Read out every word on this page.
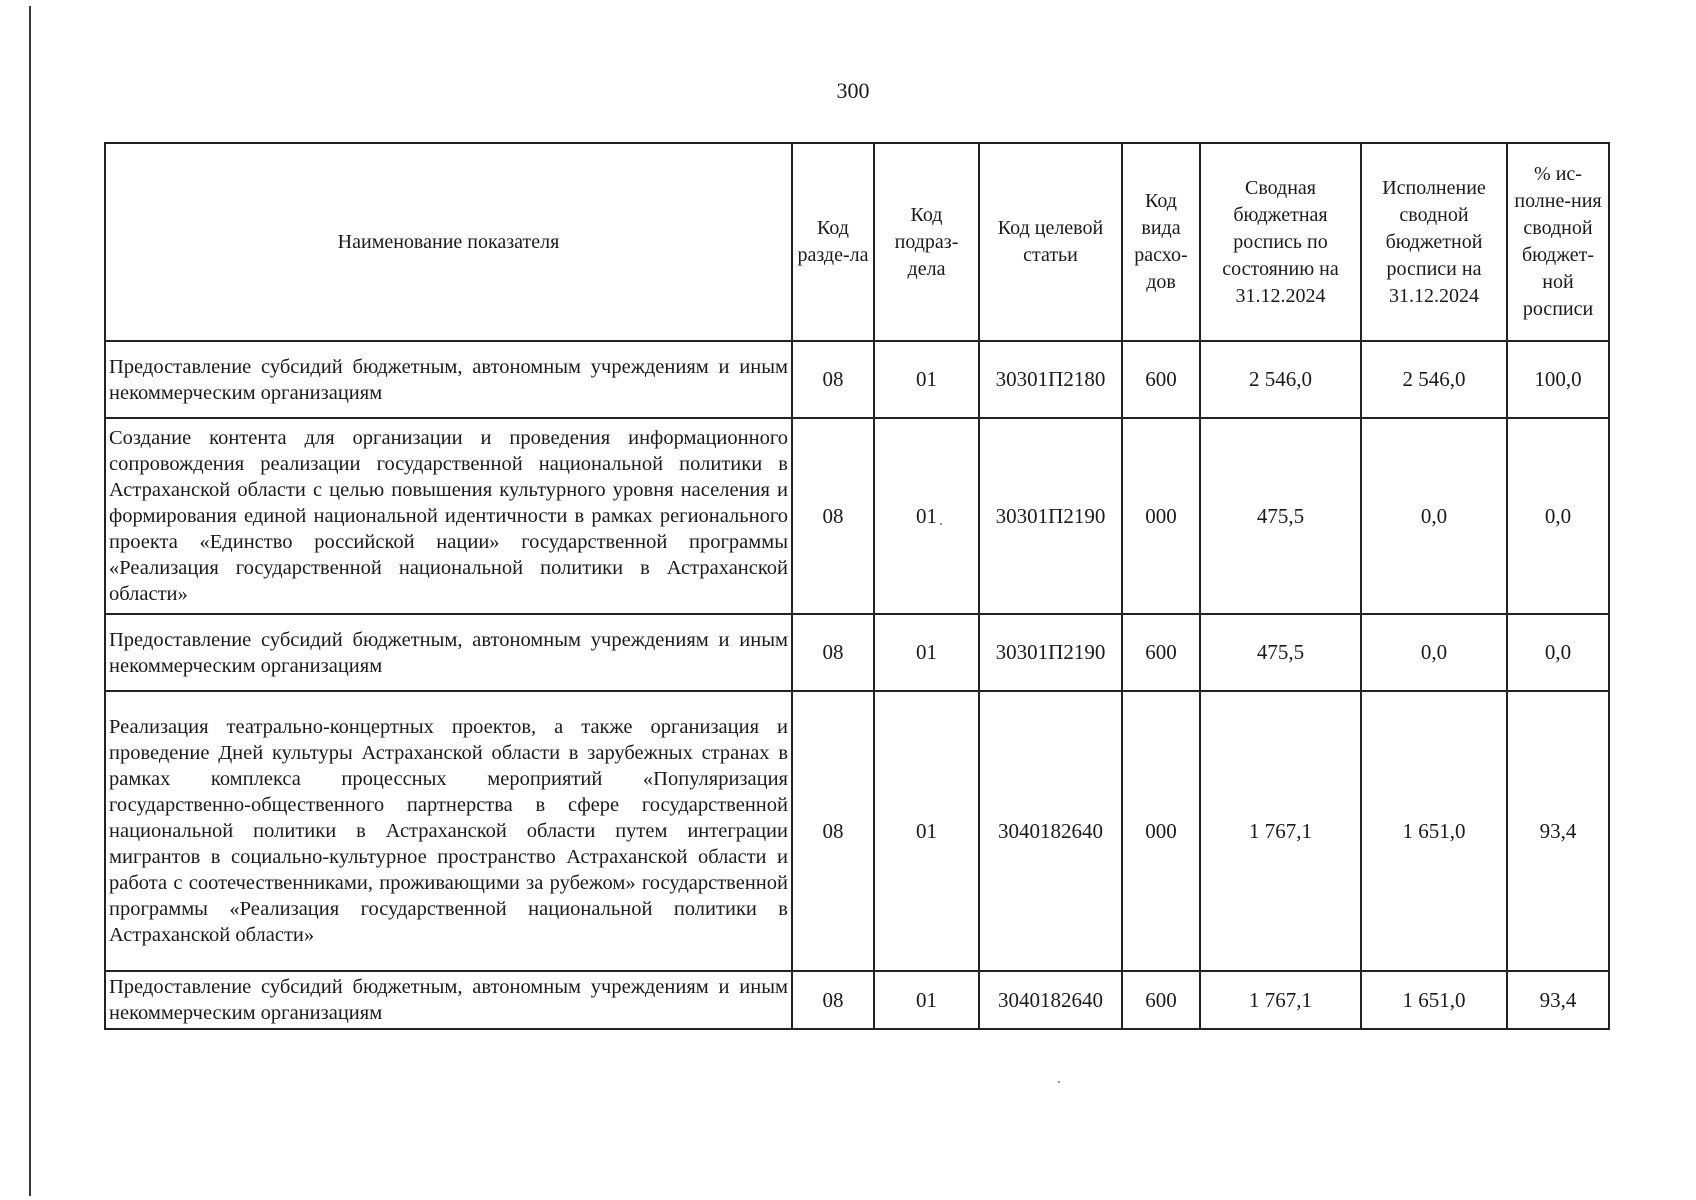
300
Наименование показателя	Код разде-ла	Код подраз-дела	Код целевой статьи	Код вида расхо-дов	Сводная бюджетная роспись по состоянию на 31.12.2024	Исполнение сводной бюджетной росписи на 31.12.2024	% ис-полне-ния сводной бюджет-ной росписи
Предоставление субсидий бюджетным, автономным учреждениям и иным некоммерческим организациям	08	01	30301П2180	600	2 546,0	2 546,0	100,0
Создание контента для организации и проведения информационного сопровождения реализации государственной национальной политики в Астраханской области с целью повышения культурного уровня населения и формирования единой национальной идентичности в рамках регионального проекта «Единство российской нации» государственной программы «Реализация государственной национальной политики в Астраханской области»	08	01	30301П2190	000	475,5	0,0	0,0
Предоставление субсидий бюджетным, автономным учреждениям и иным некоммерческим организациям	08	01	30301П2190	600	475,5	0,0	0,0
Реализация театрально-концертных проектов, а также организация и проведение Дней культуры Астраханской области в зарубежных странах в рамках комплекса процессных мероприятий «Популяризация государственно-общественного партнерства в сфере государственной национальной политики в Астраханской области путем интеграции мигрантов в социально-культурное пространство Астраханской области и работа с соотечественниками, проживающими за рубежом» государственной программы «Реализация государственной национальной политики в Астраханской области»	08	01	3040182640	000	1 767,1	1 651,0	93,4
Предоставление субсидий бюджетным, автономным учреждениям и иным некоммерческим организациям	08	01	3040182640	600	1 767,1	1 651,0	93,4
